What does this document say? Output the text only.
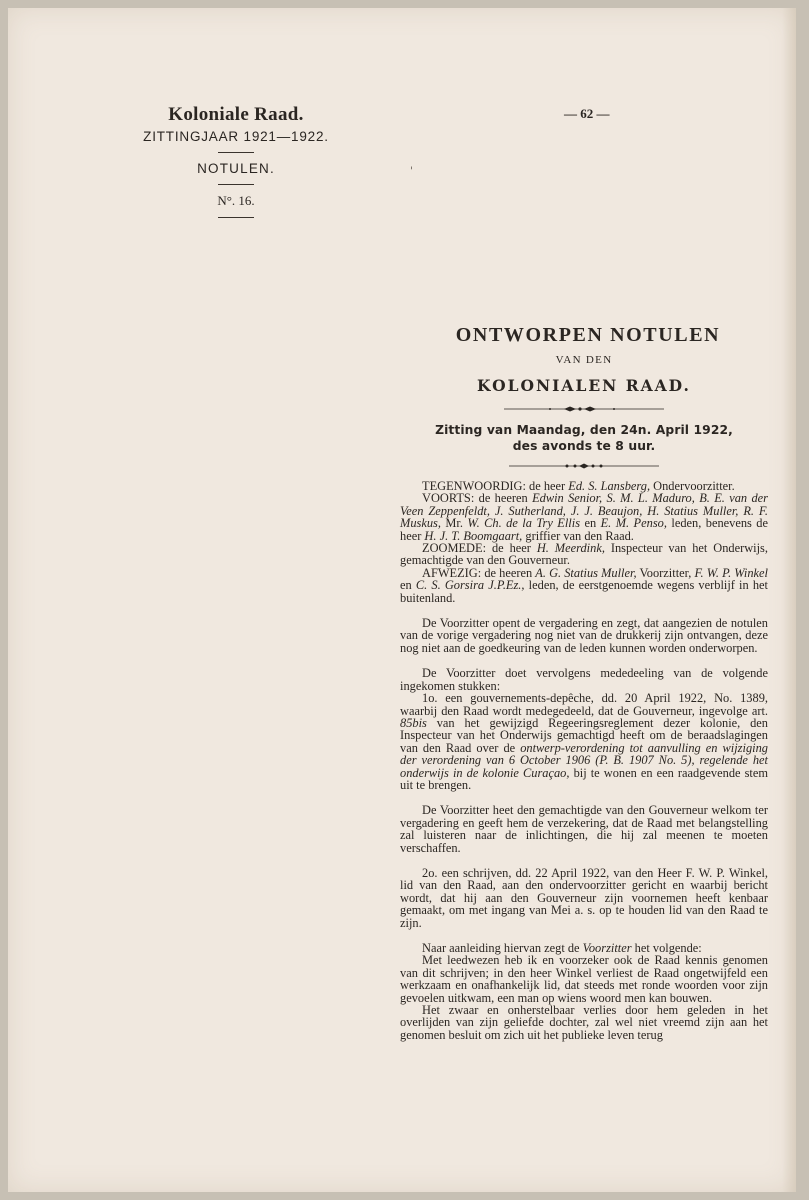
Koloniale Raad.
ZITTINGJAAR 1921—1922.
NOTULEN.
N°. 16.
— 62 —
'
ONTWORPEN NOTULEN
VAN DEN
KOLONIALEN RAAD.
Zitting van Maandag, den 24n. April 1922,
des avonds te 8 uur.

TEGENWOORDIG: de heer Ed. S. Lansberg, Ondervoorzitter.

VOORTS: de heeren Edwin Senior, S. M. L. Maduro, B. E. van der Veen Zeppenfeldt, J. Sutherland, J. J. Beaujon, H. Statius Muller, R. F. Muskus, Mr. W. Ch. de la Try Ellis en E. M. Penso, leden, benevens de heer H. J. T. Boomgaart, griffier van den Raad.

ZOOMEDE: de heer H. Meerdink, Inspecteur van het Onderwijs, gemachtigde van den Gouverneur.

AFWEZIG: de heeren A. G. Statius Muller, Voorzitter, F. W. P. Winkel en C. S. Gorsira J.P.Ez., leden, de eerstgenoemde wegens verblijf in het buitenland.

De Voorzitter opent de vergadering en zegt, dat aangezien de notulen van de vorige vergadering nog niet van de drukkerij zijn ontvangen, deze nog niet aan de goedkeuring van de leden kunnen worden onderworpen.

De Voorzitter doet vervolgens mededeeling van de volgende ingekomen stukken:

1o. een gouvernements-depêche, dd. 20 April 1922, No. 1389, waarbij den Raad wordt medegedeeld, dat de Gouverneur, ingevolge art. 85bis van het gewijzigd Regeeringsreglement dezer kolonie, den Inspecteur van het Onderwijs gemachtigd heeft om de beraadslagingen van den Raad over de ontwerp-verordening tot aanvulling en wijziging der verordening van 6 October 1906 (P. B. 1907 No. 5), regelende het onderwijs in de kolonie Curaçao, bij te wonen en een raadgevende stem uit te brengen.

De Voorzitter heet den gemachtigde van den Gouverneur welkom ter vergadering en geeft hem de verzekering, dat de Raad met belangstelling zal luisteren naar de inlichtingen, die hij zal meenen te moeten verschaffen.

2o. een schrijven, dd. 22 April 1922, van den Heer F. W. P. Winkel, lid van den Raad, aan den ondervoorzitter gericht en waarbij bericht wordt, dat hij aan den Gouverneur zijn voornemen heeft kenbaar gemaakt, om met ingang van Mei a. s. op te houden lid van den Raad te zijn.

Naar aanleiding hiervan zegt de Voorzitter het volgende:

Met leedwezen heb ik en voorzeker ook de Raad kennis genomen van dit schrijven; in den heer Winkel verliest de Raad ongetwijfeld een werkzaam en onafhankelijk lid, dat steeds met ronde woorden voor zijn gevoelen uitkwam, een man op wiens woord men kan bouwen.

Het zwaar en onherstelbaar verlies door hem geleden in het overlijden van zijn geliefde dochter, zal wel niet vreemd zijn aan het genomen besluit om zich uit het publieke leven terug
